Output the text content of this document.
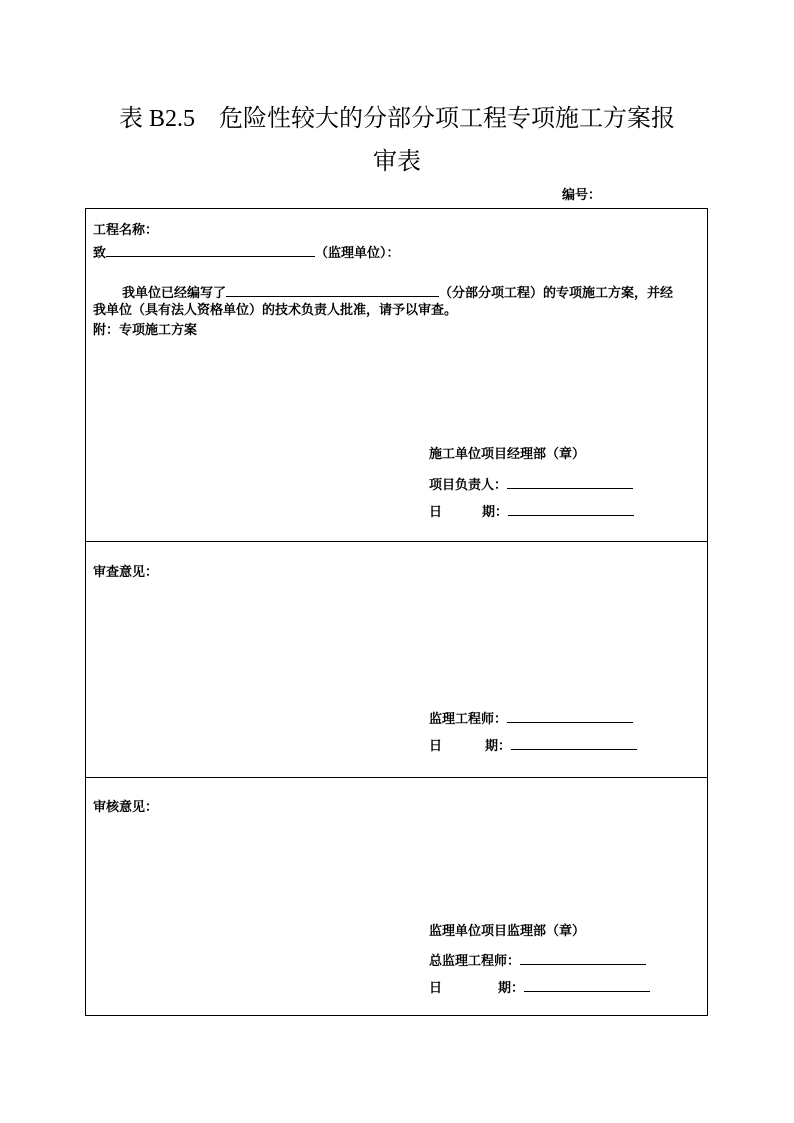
表 B2.5 危险性较大的分部分项工程专项施工方案报
审表
编号：
工程名称：
致	（监理单位）：
我单位已经编写了	（分部分项工程）的专项施工方案，并经
我单位（具有法人资格单位）的技术负责人批准，请予以审查。
附：专项施工方案
施工单位项目经理部（章）
项目负责人：
日	期：
审查意见：
监理工程师：
日	期：
审核意见：
监理单位项目监理部（章）
总监理工程师：
日	期：
